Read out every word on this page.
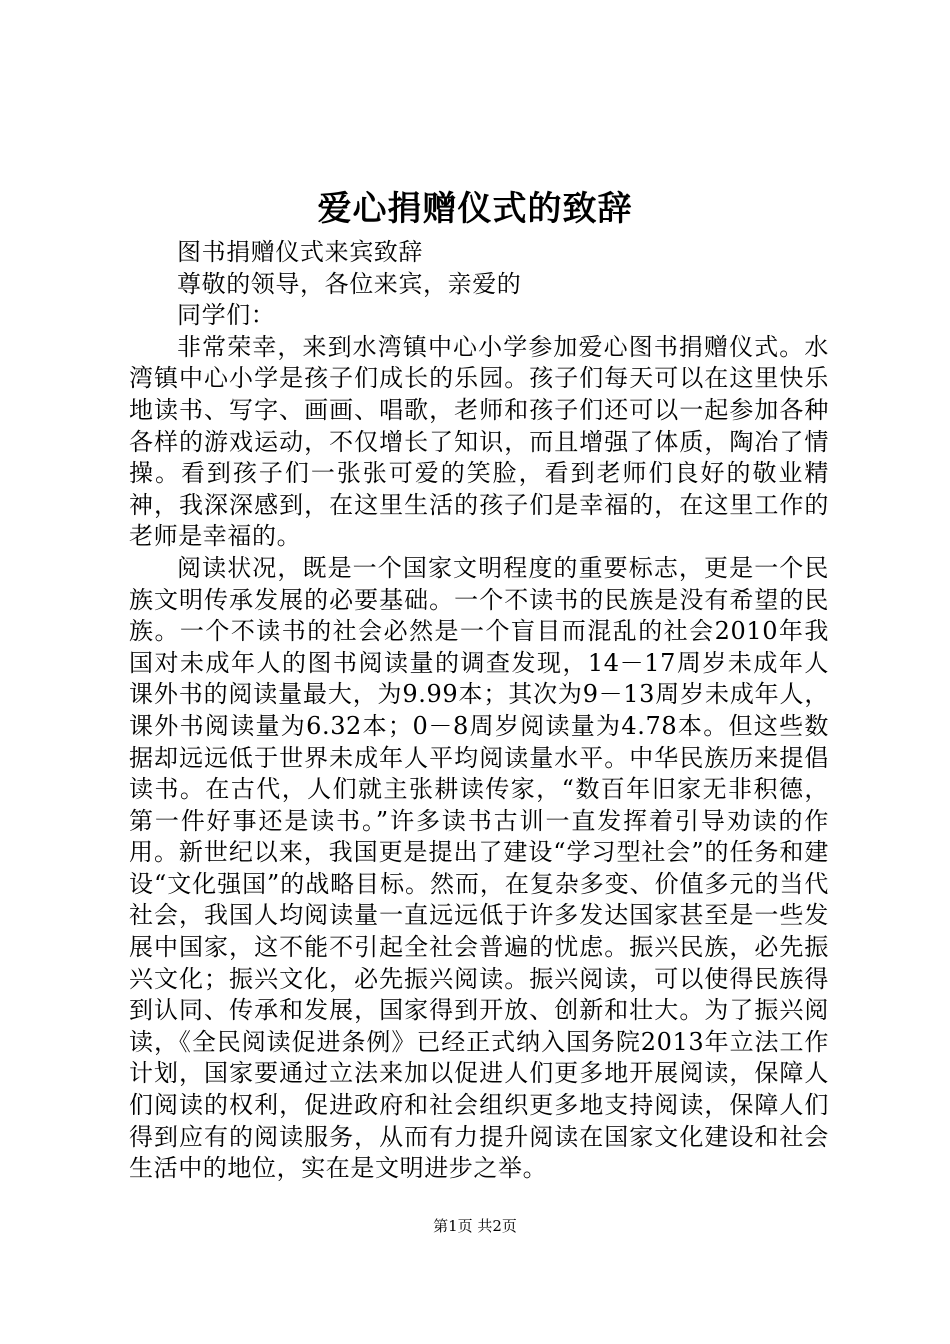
爱心捐赠仪式的致辞

图书捐赠仪式来宾致辞

尊敬的领导，各位来宾，亲爱的

同学们：

非常荣幸，来到水湾镇中心小学参加爱心图书捐赠仪式。水湾镇中心小学是孩子们成长的乐园。孩子们每天可以在这里快乐地读书、写字、画画、唱歌，老师和孩子们还可以一起参加各种各样的游戏运动，不仅增长了知识，而且增强了体质，陶冶了情操。看到孩子们一张张可爱的笑脸，看到老师们良好的敬业精神，我深深感到，在这里生活的孩子们是幸福的，在这里工作的老师是幸福的。

阅读状况，既是一个国家文明程度的重要标志，更是一个民族文明传承发展的必要基础。一个不读书的民族是没有希望的民族。一个不读书的社会必然是一个盲目而混乱的社会2010年我国对未成年人的图书阅读量的调查发现，14－17周岁未成年人课外书的阅读量最大，为9.99本；其次为9－13周岁未成年人，课外书阅读量为6.32本；0－8周岁阅读量为4.78本。但这些数据却远远低于世界未成年人平均阅读量水平。中华民族历来提倡读书。在古代，人们就主张耕读传家，“数百年旧家无非积德，第一件好事还是读书。”许多读书古训一直发挥着引导劝读的作用。新世纪以来，我国更是提出了建设“学习型社会”的任务和建设“文化强国”的战略目标。然而，在复杂多变、价值多元的当代社会，我国人均阅读量一直远远低于许多发达国家甚至是一些发展中国家，这不能不引起全社会普遍的忧虑。振兴民族，必先振兴文化；振兴文化，必先振兴阅读。振兴阅读，可以使得民族得到认同、传承和发展，国家得到开放、创新和壮大。为了振兴阅读，《全民阅读促进条例》已经正式纳入国务院2013年立法工作计划，国家要通过立法来加以促进人们更多地开展阅读，保障人们阅读的权利，促进政府和社会组织更多地支持阅读，保障人们得到应有的阅读服务，从而有力提升阅读在国家文化建设和社会生活中的地位，实在是文明进步之举。

第1页 共2页
